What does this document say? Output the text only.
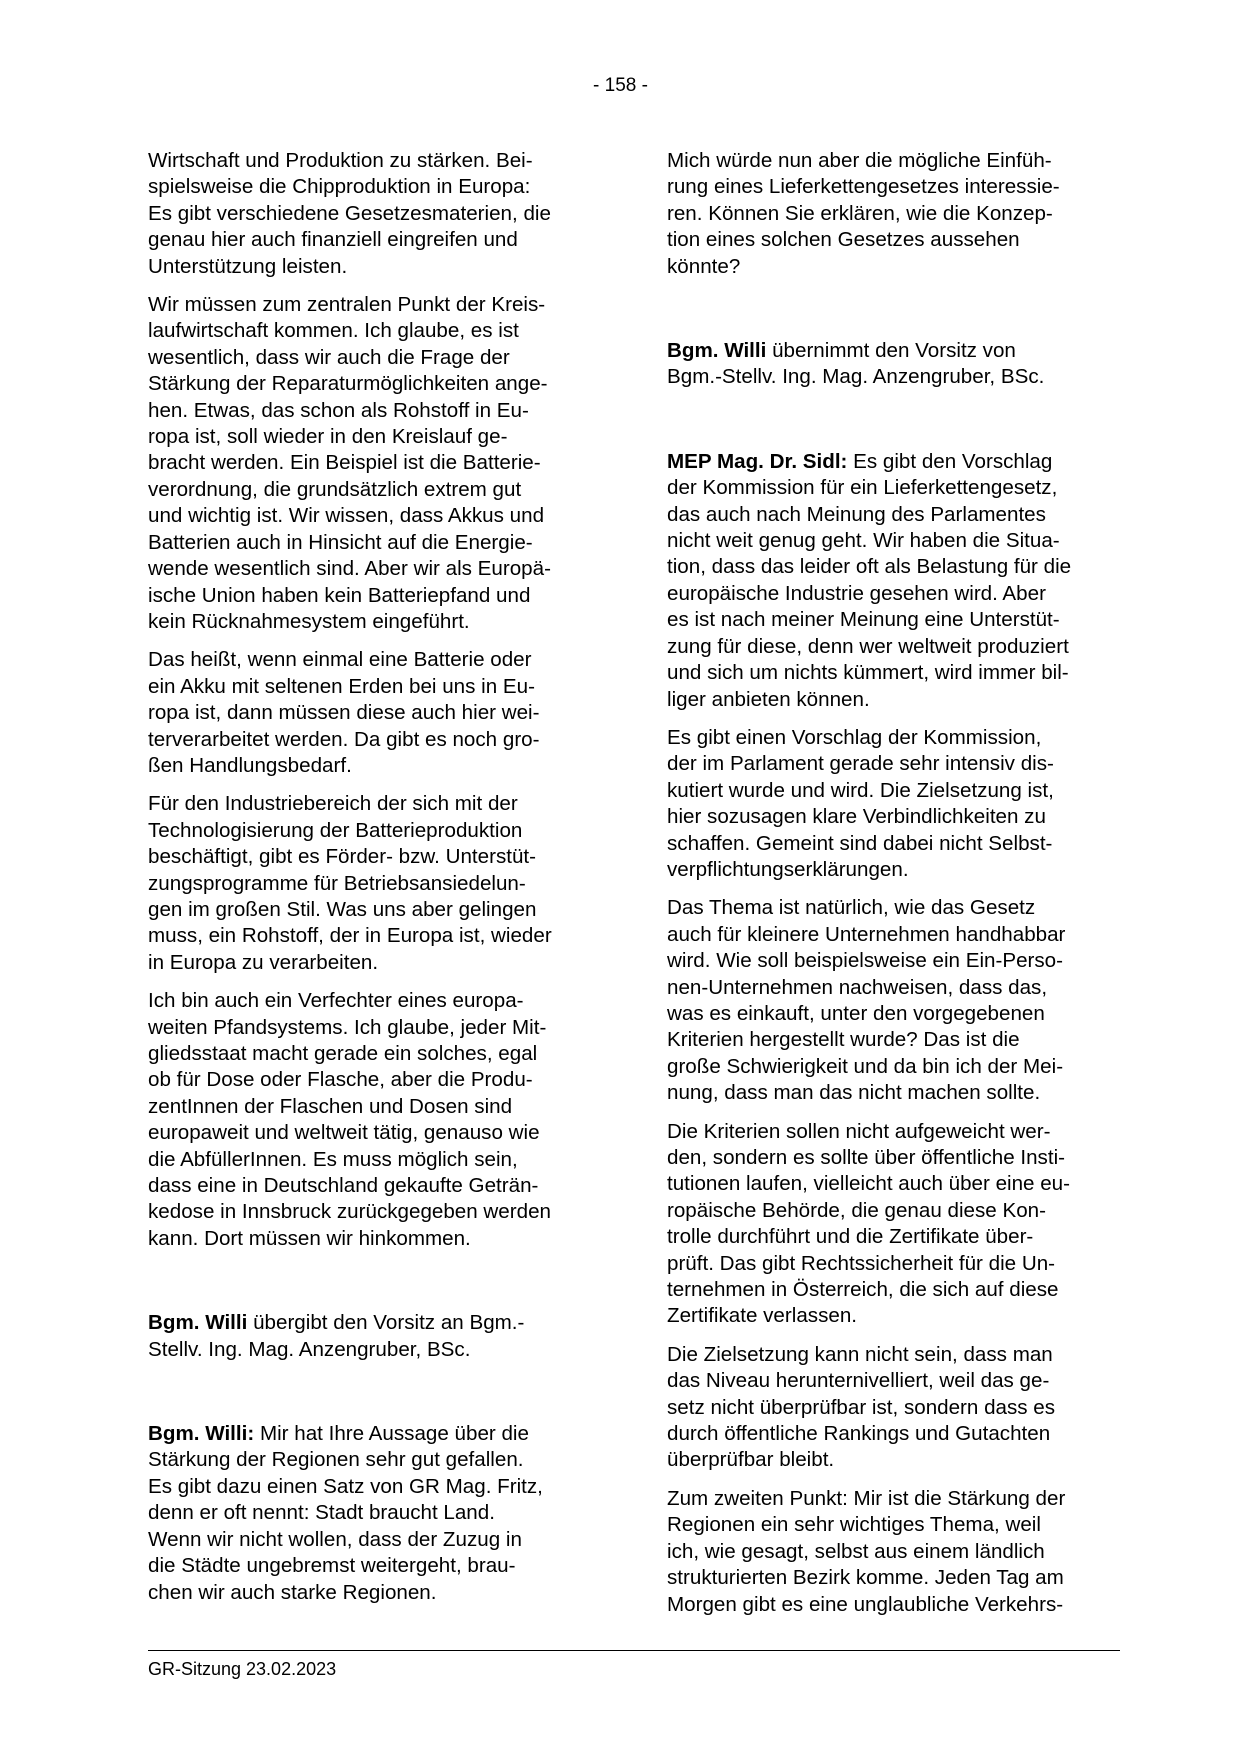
- 158 -

Wirtschaft und Produktion zu stärken. Bei-
spielsweise die Chipproduktion in Europa:
Es gibt verschiedene Gesetzesmaterien, die
genau hier auch finanziell eingreifen und
Unterstützung leisten.

Wir müssen zum zentralen Punkt der Kreis-
laufwirtschaft kommen. Ich glaube, es ist
wesentlich, dass wir auch die Frage der
Stärkung der Reparaturmöglichkeiten ange-
hen. Etwas, das schon als Rohstoff in Eu-
ropa ist, soll wieder in den Kreislauf ge-
bracht werden. Ein Beispiel ist die Batterie-
verordnung, die grundsätzlich extrem gut
und wichtig ist. Wir wissen, dass Akkus und
Batterien auch in Hinsicht auf die Energie-
wende wesentlich sind. Aber wir als Europä-
ische Union haben kein Batteriepfand und
kein Rücknahmesystem eingeführt.

Das heißt, wenn einmal eine Batterie oder
ein Akku mit seltenen Erden bei uns in Eu-
ropa ist, dann müssen diese auch hier wei-
terverarbeitet werden. Da gibt es noch gro-
ßen Handlungsbedarf.

Für den Industriebereich der sich mit der
Technologisierung der Batterieproduktion
beschäftigt, gibt es Förder- bzw. Unterstüt-
zungsprogramme für Betriebsansiedelun-
gen im großen Stil. Was uns aber gelingen
muss, ein Rohstoff, der in Europa ist, wieder
in Europa zu verarbeiten.

Ich bin auch ein Verfechter eines europa-
weiten Pfandsystems. Ich glaube, jeder Mit-
gliedsstaat macht gerade ein solches, egal
ob für Dose oder Flasche, aber die Produ-
zentInnen der Flaschen und Dosen sind
europaweit und weltweit tätig, genauso wie
die AbfüllerInnen. Es muss möglich sein,
dass eine in Deutschland gekaufte Geträn-
kedose in Innsbruck zurückgegeben werden
kann. Dort müssen wir hinkommen.

Bgm. Willi übergibt den Vorsitz an Bgm.-
Stellv. Ing. Mag. Anzengruber, BSc.

Bgm. Willi: Mir hat Ihre Aussage über die
Stärkung der Regionen sehr gut gefallen.
Es gibt dazu einen Satz von GR Mag. Fritz,
denn er oft nennt: Stadt braucht Land.
Wenn wir nicht wollen, dass der Zuzug in
die Städte ungebremst weitergeht, brau-
chen wir auch starke Regionen.

Mich würde nun aber die mögliche Einfüh-
rung eines Lieferkettengesetzes interessie-
ren. Können Sie erklären, wie die Konzep-
tion eines solchen Gesetzes aussehen
könnte?

Bgm. Willi übernimmt den Vorsitz von
Bgm.-Stellv. Ing. Mag. Anzengruber, BSc.

MEP Mag. Dr. Sidl: Es gibt den Vorschlag
der Kommission für ein Lieferkettengesetz,
das auch nach Meinung des Parlamentes
nicht weit genug geht. Wir haben die Situa-
tion, dass das leider oft als Belastung für die
europäische Industrie gesehen wird. Aber
es ist nach meiner Meinung eine Unterstüt-
zung für diese, denn wer weltweit produziert
und sich um nichts kümmert, wird immer bil-
liger anbieten können.

Es gibt einen Vorschlag der Kommission,
der im Parlament gerade sehr intensiv dis-
kutiert wurde und wird. Die Zielsetzung ist,
hier sozusagen klare Verbindlichkeiten zu
schaffen. Gemeint sind dabei nicht Selbst-
verpflichtungserklärungen.

Das Thema ist natürlich, wie das Gesetz
auch für kleinere Unternehmen handhabbar
wird. Wie soll beispielsweise ein Ein-Perso-
nen-Unternehmen nachweisen, dass das,
was es einkauft, unter den vorgegebenen
Kriterien hergestellt wurde? Das ist die
große Schwierigkeit und da bin ich der Mei-
nung, dass man das nicht machen sollte.

Die Kriterien sollen nicht aufgeweicht wer-
den, sondern es sollte über öffentliche Insti-
tutionen laufen, vielleicht auch über eine eu-
ropäische Behörde, die genau diese Kon-
trolle durchführt und die Zertifikate über-
prüft. Das gibt Rechtssicherheit für die Un-
ternehmen in Österreich, die sich auf diese
Zertifikate verlassen.

Die Zielsetzung kann nicht sein, dass man
das Niveau herunternivelliert, weil das ge-
setz nicht überprüfbar ist, sondern dass es
durch öffentliche Rankings und Gutachten
überprüfbar bleibt.

Zum zweiten Punkt: Mir ist die Stärkung der
Regionen ein sehr wichtiges Thema, weil
ich, wie gesagt, selbst aus einem ländlich
strukturierten Bezirk komme. Jeden Tag am
Morgen gibt es eine unglaubliche Verkehrs-

GR-Sitzung 23.02.2023
